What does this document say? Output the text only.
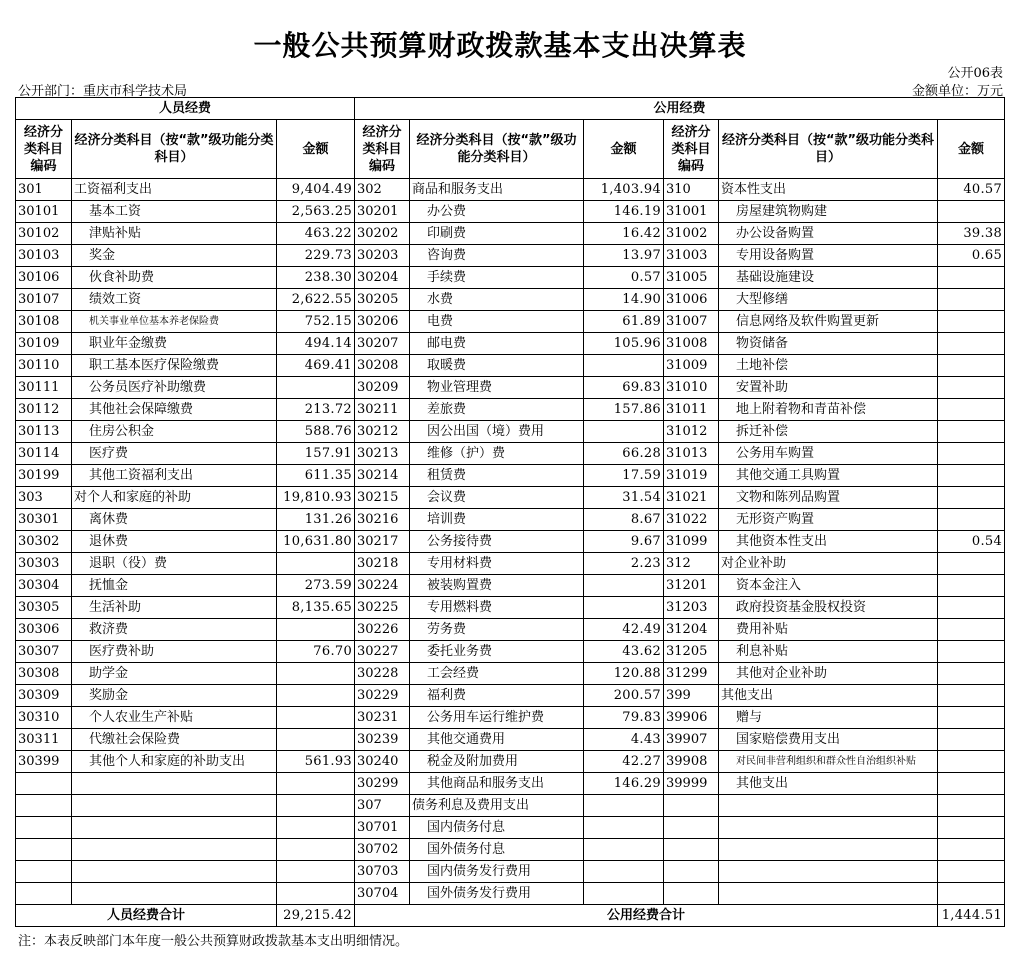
一般公共预算财政拨款基本支出决算表
公开06表
公开部门：重庆市科学技术局	金额单位：万元
人员经费			公用经费					
经济分类科目编码	经济分类科目（按“款”级功能分类科目）	金额	经济分类科目编码	经济分类科目（按“款”级功能分类科目）	金额	经济分类科目编码	经济分类科目（按“款”级功能分类科目）	金额
301	工资福利支出	9,404.49	302	商品和服务支出	1,403.94	310	资本性支出	40.57
30101	基本工资	2,563.25	30201	办公费	146.19	31001	房屋建筑物购建	
30102	津贴补贴	463.22	30202	印刷费	16.42	31002	办公设备购置	39.38
30103	奖金	229.73	30203	咨询费	13.97	31003	专用设备购置	0.65
30106	伙食补助费	238.30	30204	手续费	0.57	31005	基础设施建设	
30107	绩效工资	2,622.55	30205	水费	14.90	31006	大型修缮	
30108	机关事业单位基本养老保险费	752.15	30206	电费	61.89	31007	信息网络及软件购置更新	
30109	职业年金缴费	494.14	30207	邮电费	105.96	31008	物资储备	
30110	职工基本医疗保险缴费	469.41	30208	取暖费		31009	土地补偿	
30111	公务员医疗补助缴费		30209	物业管理费	69.83	31010	安置补助	
30112	其他社会保障缴费	213.72	30211	差旅费	157.86	31011	地上附着物和青苗补偿	
30113	住房公积金	588.76	30212	因公出国（境）费用		31012	拆迁补偿	
30114	医疗费	157.91	30213	维修（护）费	66.28	31013	公务用车购置	
30199	其他工资福利支出	611.35	30214	租赁费	17.59	31019	其他交通工具购置	
303	对个人和家庭的补助	19,810.93	30215	会议费	31.54	31021	文物和陈列品购置	
30301	离休费	131.26	30216	培训费	8.67	31022	无形资产购置	
30302	退休费	10,631.80	30217	公务接待费	9.67	31099	其他资本性支出	0.54
30303	退职（役）费		30218	专用材料费	2.23	312	对企业补助	
30304	抚恤金	273.59	30224	被装购置费		31201	资本金注入	
30305	生活补助	8,135.65	30225	专用燃料费		31203	政府投资基金股权投资	
30306	救济费		30226	劳务费	42.49	31204	费用补贴	
30307	医疗费补助	76.70	30227	委托业务费	43.62	31205	利息补贴	
30308	助学金		30228	工会经费	120.88	31299	其他对企业补助	
30309	奖励金		30229	福利费	200.57	399	其他支出	
30310	个人农业生产补贴		30231	公务用车运行维护费	79.83	39906	赠与	
30311	代缴社会保险费		30239	其他交通费用	4.43	39907	国家赔偿费用支出	
30399	其他个人和家庭的补助支出	561.93	30240	税金及附加费用	42.27	39908	对民间非营利组织和群众性自治组织补贴	
			30299	其他商品和服务支出	146.29	39999	其他支出	
			307	债务利息及费用支出				
			30701	国内债务付息				
			30702	国外债务付息				
			30703	国内债务发行费用				
			30704	国外债务发行费用				
人员经费合计		29,215.42	公用经费合计					1,444.51
注：本表反映部门本年度一般公共预算财政拨款基本支出明细情况。
